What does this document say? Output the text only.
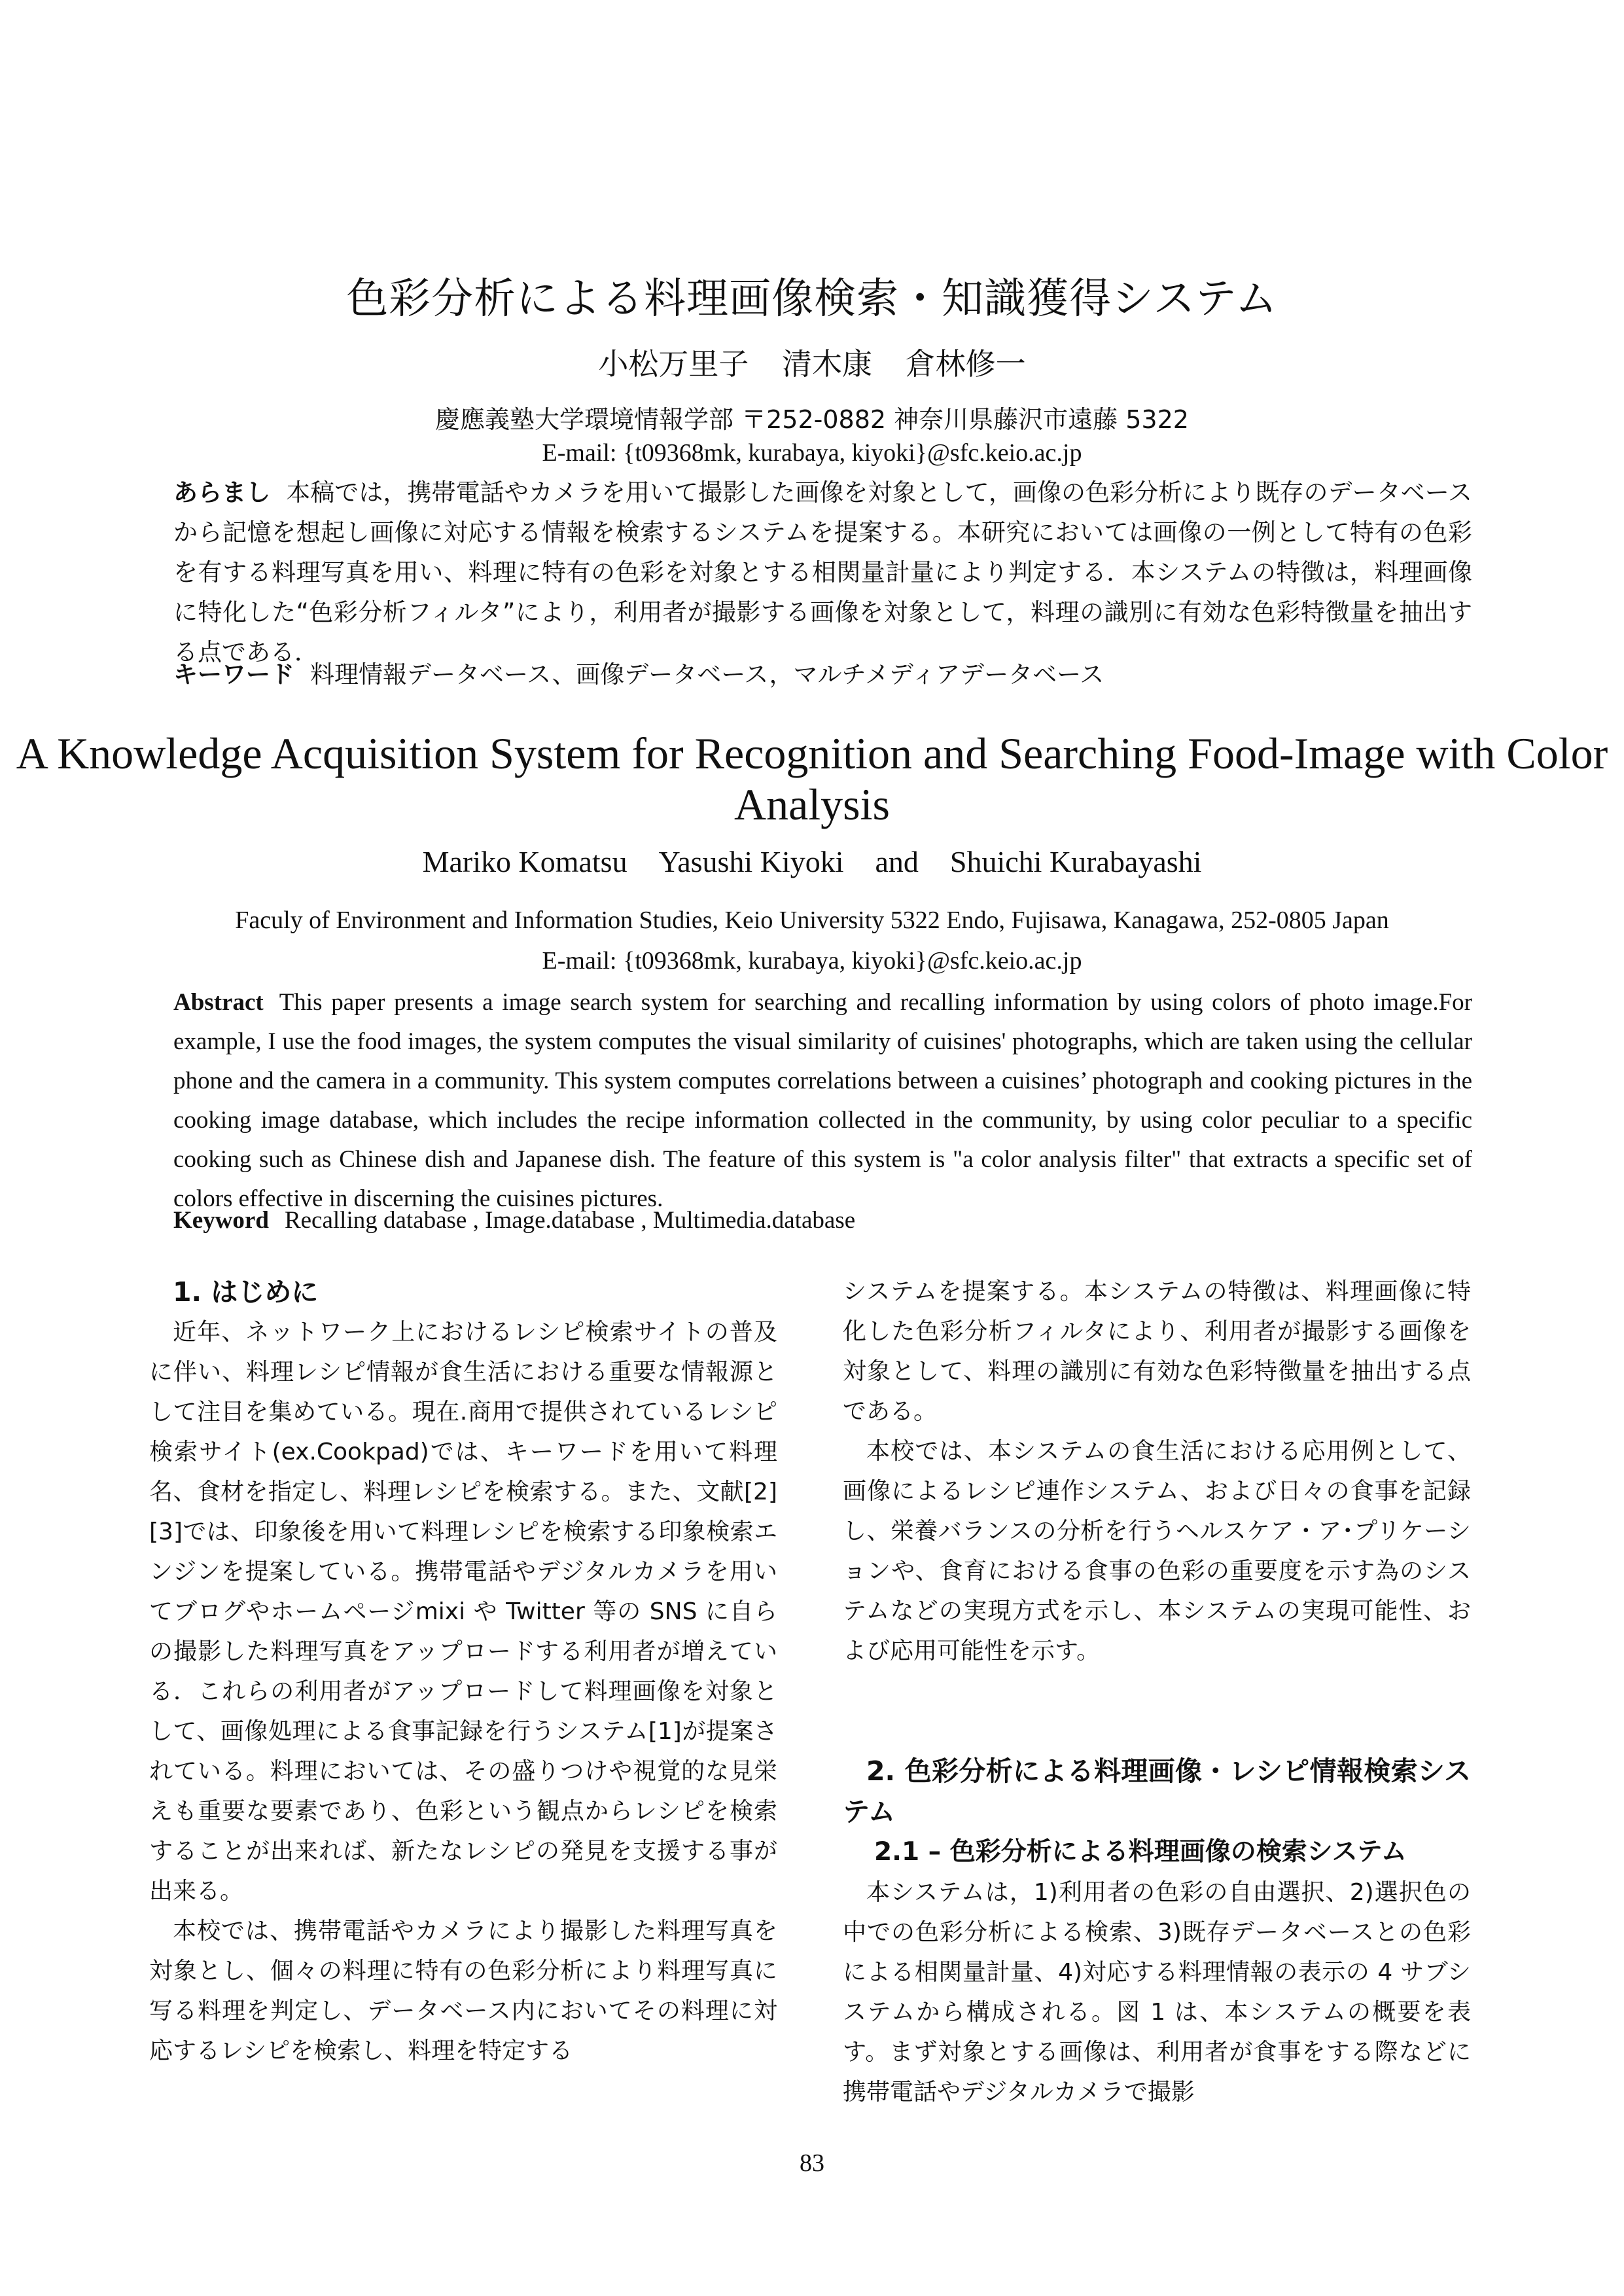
色彩分析による料理画像検索・知識獲得システム
小松万里子 清木康 倉林修一
慶應義塾大学環境情報学部 〒252-0882 神奈川県藤沢市遠藤 5322
E-mail: {t09368mk, kurabaya, kiyoki}@sfc.keio.ac.jp
あらまし 本稿では，携帯電話やカメラを用いて撮影した画像を対象として，画像の色彩分析により既存のデータベースから記憶を想起し画像に対応する情報を検索するシステムを提案する。本研究においては画像の一例として特有の色彩を有する料理写真を用い、料理に特有の色彩を対象とする相関量計量により判定する．本システムの特徴は，料理画像に特化した“色彩分析フィルタ”により，利用者が撮影する画像を対象として，料理の識別に有効な色彩特徴量を抽出する点である．
キーワード 料理情報データベース、画像データベース，マルチメディアデータベース
A Knowledge Acquisition System for Recognition and Searching Food-Image with Color Analysis
Mariko Komatsu Yasushi Kiyoki and Shuichi Kurabayashi
Faculy of Environment and Information Studies, Keio University 5322 Endo, Fujisawa, Kanagawa, 252-0805 Japan
E-mail: {t09368mk, kurabaya, kiyoki}@sfc.keio.ac.jp
Abstract This paper presents a image search system for searching and recalling information by using colors of photo image.For example, I use the food images, the system computes the visual similarity of cuisines' photographs, which are taken using the cellular phone and the camera in a community. This system computes correlations between a cuisines’ photograph and cooking pictures in the cooking image database, which includes the recipe information collected in the community, by using color peculiar to a specific cooking such as Chinese dish and Japanese dish. The feature of this system is "a color analysis filter" that extracts a specific set of colors effective in discerning the cuisines pictures.
Keyword Recalling database , Image.database , Multimedia.database

1. はじめに

近年、ネットワーク上におけるレシピ検索サイトの普及に伴い、料理レシピ情報が食生活における重要な情報源として注目を集めている。現在.商用で提供されているレシピ検索サイト(ex.Cookpad)では、キーワードを用いて料理名、食材を指定し、料理レシピを検索する。また、文献[2][3]では、印象後を用いて料理レシピを検索する印象検索エンジンを提案している。携帯電話やデジタルカメラを用いてブログやホームページmixi や Twitter 等の SNS に自らの撮影した料理写真をアップロードする利用者が増えている．これらの利用者がアップロードして料理画像を対象として、画像処理による食事記録を行うシステム[1]が提案されている。料理においては、その盛りつけや視覚的な見栄えも重要な要素であり、色彩という観点からレシピを検索することが出来れば、新たなレシピの発見を支援する事が出来る。

本校では、携帯電話やカメラにより撮影した料理写真を対象とし、個々の料理に特有の色彩分析により料理写真に写る料理を判定し、データベース内においてその料理に対応するレシピを検索し、料理を特定する

システムを提案する。本システムの特徴は、料理画像に特化した色彩分析フィルタにより、利用者が撮影する画像を対象として、料理の識別に有効な色彩特徴量を抽出する点である。

本校では、本システムの食生活における応用例として、画像によるレシピ連作システム、および日々の食事を記録し、栄養バランスの分析を行うヘルスケア・ア･プリケーションや、食育における食事の色彩の重要度を示す為のシステムなどの実現方式を示し、本システムの実現可能性、および応用可能性を示す。

2. 色彩分析による料理画像・レシピ情報検索システム

2.1 – 色彩分析による料理画像の検索システム

本システムは，1)利用者の色彩の自由選択、2)選択色の中での色彩分析による検索、3)既存データベースとの色彩による相関量計量、4)対応する料理情報の表示の 4 サブシステムから構成される。図 1 は、本システムの概要を表す。まず対象とする画像は、利用者が食事をする際などに携帯電話やデジタルカメラで撮影

83
